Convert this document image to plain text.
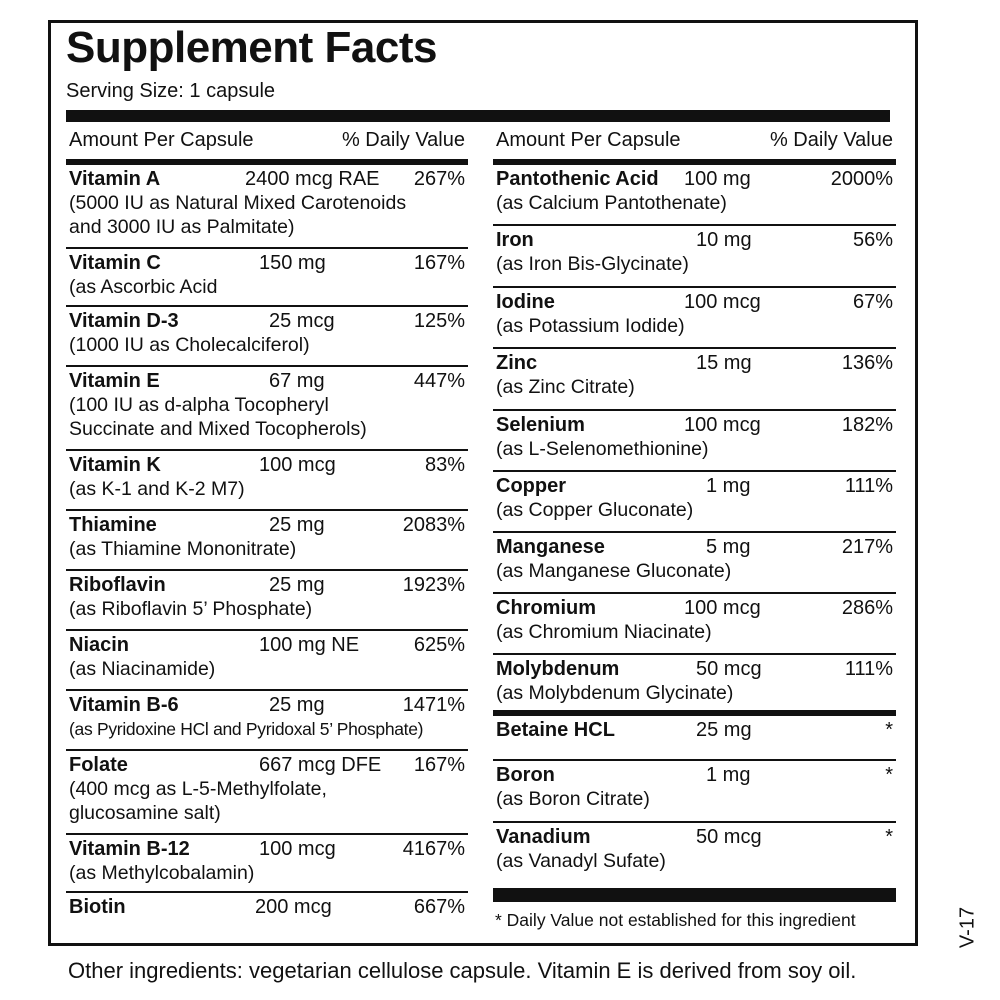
Supplement Facts
Serving Size: 1 capsule
Amount Per Capsule	% Daily Value
Vitamin A	2400 mcg RAE 267%
(5000 IU as Natural Mixed Carotenoids
and 3000 IU as Palmitate)
Vitamin C	150 mg	167%
(as Ascorbic Acid
Vitamin D-3	25 mcg	125%
(1000 IU as Cholecalciferol)
Vitamin E	67 mg	447%
(100 IU as d-alpha Tocopheryl
Succinate and Mixed Tocopherols)
Vitamin K	100 mcg	83%
(as K-1 and K-2 M7)
Thiamine	25 mg	2083%
(as Thiamine Mononitrate)
Riboflavin	25 mg	1923%
(as Riboflavin 5’ Phosphate)
Niacin	100 mg NE	625%
(as Niacinamide)
Vitamin B-6	25 mg	1471%
(as Pyridoxine HCl and Pyridoxal 5’ Phosphate)
Folate	667 mcg DFE 167%
(400 mcg as L-5-Methylfolate,
glucosamine salt)
Vitamin B-12	100 mcg	4167%
(as Methylcobalamin)
Biotin	200 mcg	667%
Amount Per Capsule	% Daily Value
Pantothenic Acid 100 mg	2000%
(as Calcium Pantothenate)
Iron	10 mg	56%
(as Iron Bis-Glycinate)
Iodine	100 mcg	67%
(as Potassium Iodide)
Zinc	15 mg	136%
(as Zinc Citrate)
Selenium	100 mcg	182%
(as L-Selenomethionine)
Copper	1 mg	111%
(as Copper Gluconate)
Manganese	5 mg	217%
(as Manganese Gluconate)
Chromium	100 mcg	286%
(as Chromium Niacinate)
Molybdenum	50 mcg	111%
(as Molybdenum Glycinate)
Betaine HCL	25 mg	*
Boron	1 mg	*
(as Boron Citrate)
Vanadium	50 mcg	*
(as Vanadyl Sufate)
* Daily Value not established for this ingredient	V-17
Other ingredients: vegetarian cellulose capsule. Vitamin E is derived from soy oil.
